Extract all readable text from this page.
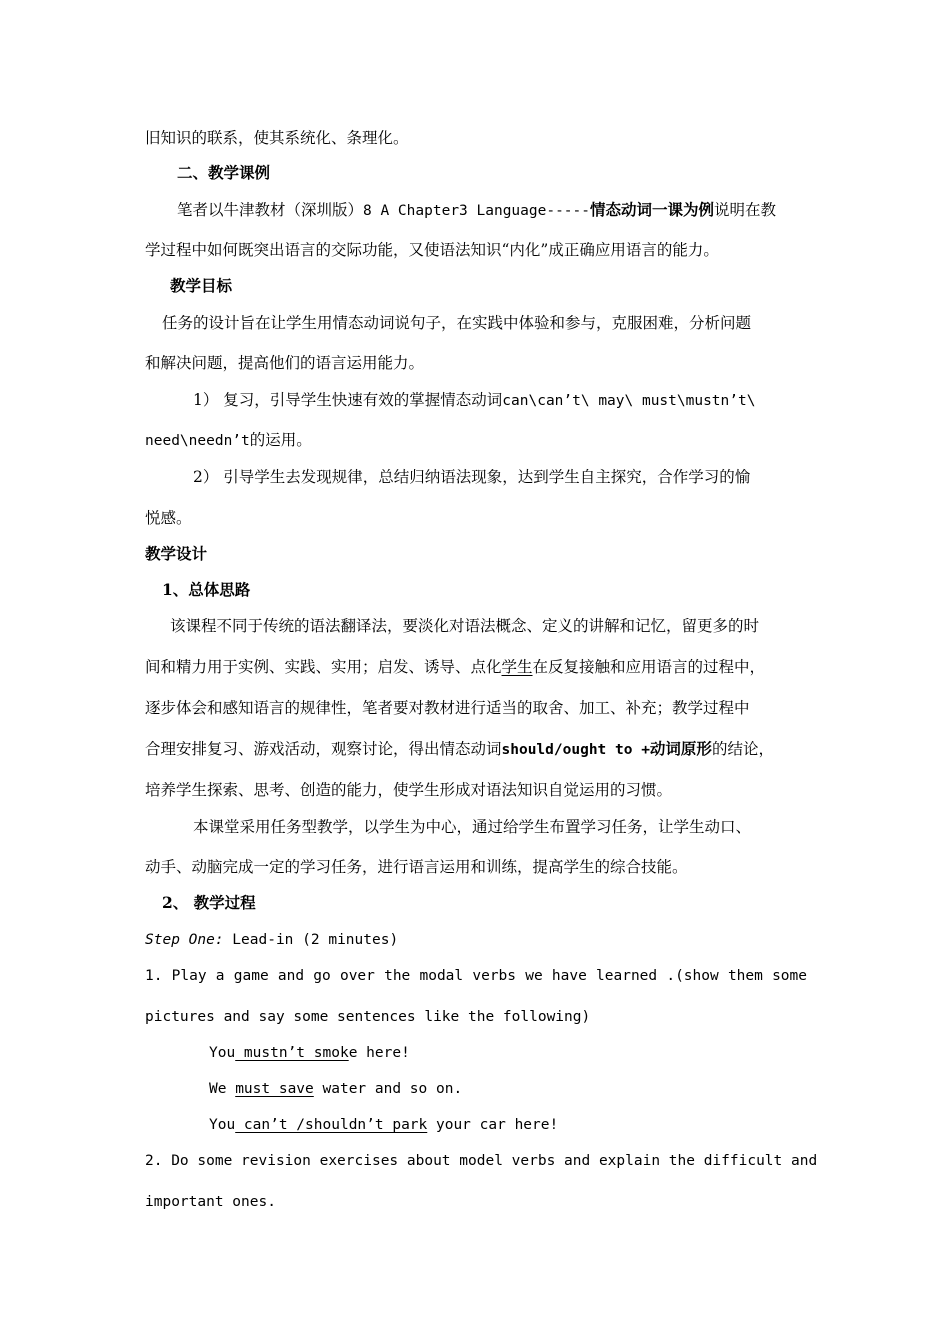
旧知识的联系，使其系统化、条理化。
二、教学课例
笔者以牛津教材（深圳版）8 A Chapter3 Language-----情态动词一课为例说明在教
学过程中如何既突出语言的交际功能，又使语法知识“内化”成正确应用语言的能力。
教学目标
任务的设计旨在让学生用情态动词说句子，在实践中体验和参与，克服困难，分析问题
和解决问题，提高他们的语言运用能力。
1） 复习，引导学生快速有效的掌握情态动词can\can’t\ may\ must\mustn’t\
need\needn’t的运用。
2） 引导学生去发现规律，总结归纳语法现象，达到学生自主探究，合作学习的愉
悦感。
教学设计
1、总体思路
该课程不同于传统的语法翻译法，要淡化对语法概念、定义的讲解和记忆，留更多的时
间和精力用于实例、实践、实用；启发、诱导、点化学生在反复接触和应用语言的过程中，
逐步体会和感知语言的规律性，笔者要对教材进行适当的取舍、加工、补充；教学过程中
合理安排复习、游戏活动，观察讨论，得出情态动词should/ought to +动词原形的结论，
培养学生探索、思考、创造的能力，使学生形成对语法知识自觉运用的习惯。
本课堂采用任务型教学，以学生为中心，通过给学生布置学习任务，让学生动口、
动手、动脑完成一定的学习任务，进行语言运用和训练，提高学生的综合技能。
2、 教学过程
Step One: Lead-in (2 minutes)
1. Play a game and go over the modal verbs we have learned .(show them some
pictures and say some sentences like the following)
You mustn’t smoke here!
We must save water and so on.
You can’t /shouldn’t park your car here!
2. Do some revision exercises about model verbs and explain the difficult and
important ones.
